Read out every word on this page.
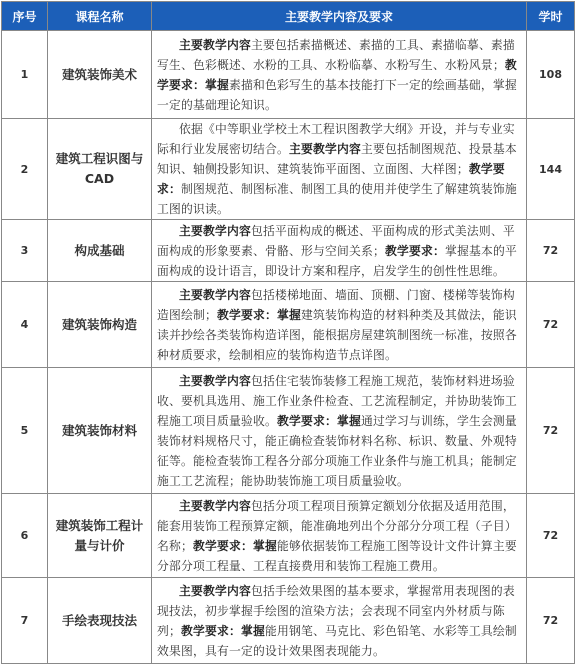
序号	课程名称	主要教学内容及要求	学时
1	建筑装饰美术	主要教学内容主要包括素描概述、素描的工具、素描临摹、素描写生、色彩概述、水粉的工具、水粉临摹、水粉写生、水粉风景；教学要求：掌握素描和色彩写生的基本技能打下一定的绘画基础，掌握一定的基础理论知识。	108
2	建筑工程识图与CAD	依据《中等职业学校土木工程识图教学大纲》开设，并与专业实际和行业发展密切结合。主要教学内容主要包括制图规范、投景基本知识、轴侧投影知识、建筑装饰平面图、立面图、大样图；教学要求：制图规范、制图标准、制图工具的使用并使学生了解建筑装饰施工图的识读。	144
3	构成基础	主要教学内容包括平面构成的概述、平面构成的形式美法则、平面构成的形象要素、骨骼、形与空间关系；教学要求：掌握基本的平面构成的设计语言，即设计方案和程序，启发学生的创性性思维。	72
4	建筑装饰构造	主要教学内容包括楼梯地面、墙面、顶棚、门窗、楼梯等装饰构造图绘制；教学要求：掌握建筑装饰构造的材料种类及其做法，能识读并抄绘各类装饰构造详图，能根据房屋建筑制图统一标准，按照各种材质要求，绘制相应的装饰构造节点详图。	72
5	建筑装饰材料	主要教学内容包括住宅装饰装修工程施工规范，装饰材料进场验收、要机具选用、施工作业条件检查、工艺流程制定，并协助装饰工程施工项目质量验收。教学要求：掌握通过学习与训练，学生会测量装饰材料规格尺寸，能正确检查装饰材料名称、标识、数量、外观特征等。能检查装饰工程各分部分项施工作业条件与施工机具；能制定施工工艺流程；能协助装饰施工项目质量验收。	72
6	建筑装饰工程计量与计价	主要教学内容包括分项工程项目预算定额划分依据及适用范围，能套用装饰工程预算定额，能准确地列出个分部分分项工程（子目）名称；教学要求：掌握能够依据装饰工程施工图等设计文件计算主要分部分项工程量、工程直接费用和装饰工程施工费用。	72
7	手绘表现技法	主要教学内容包括手绘效果图的基本要求，掌握常用表现图的表现技法，初步掌握手绘图的渲染方法；会表现不同室内外材质与陈列；教学要求：掌握能用钢笔、马克比、彩色铅笔、水彩等工具绘制效果图，具有一定的设计效果图表现能力。	72
